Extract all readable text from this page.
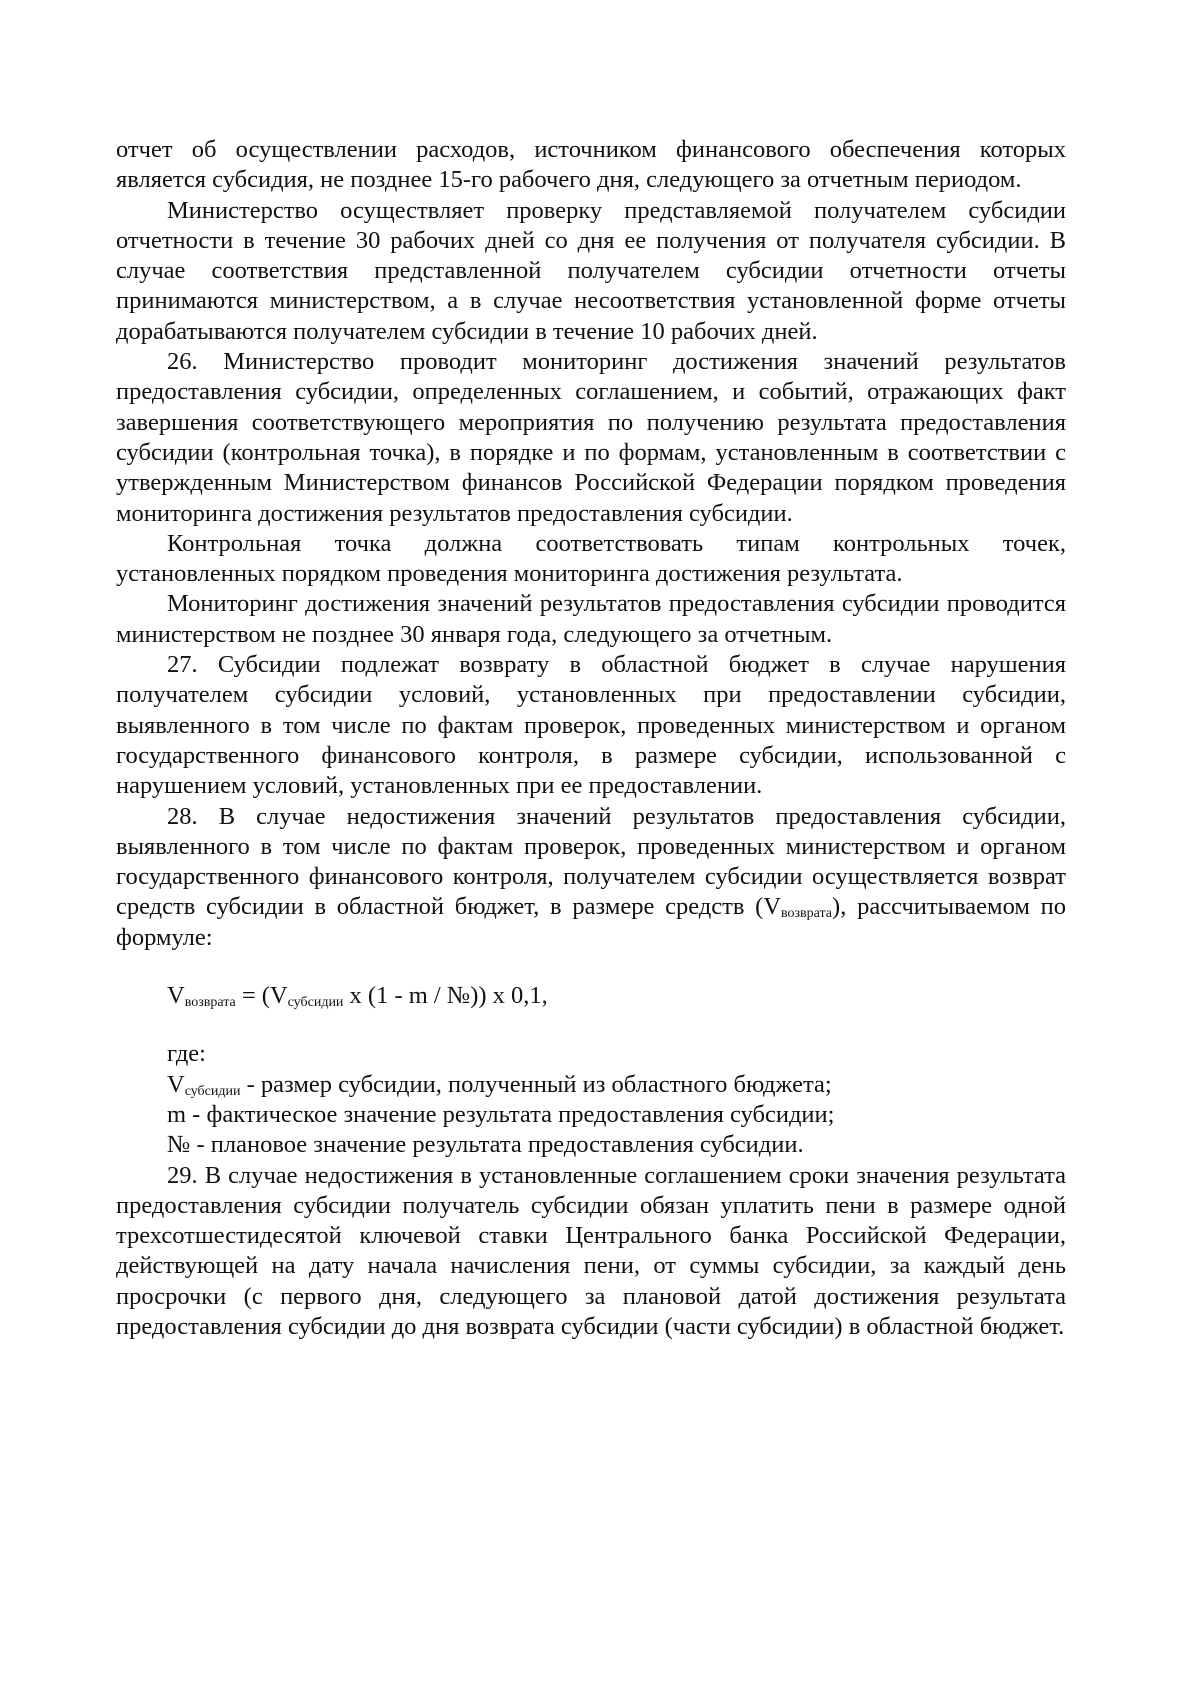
отчет об осуществлении расходов, источником финансового обеспечения которых является субсидия, не позднее 15-го рабочего дня, следующего за отчетным периодом.

Министерство осуществляет проверку представляемой получателем субсидии отчетности в течение 30 рабочих дней со дня ее получения от получателя субсидии. В случае соответствия представленной получателем субсидии отчетности отчеты принимаются министерством, а в случае несоответствия установленной форме отчеты дорабатываются получателем субсидии в течение 10 рабочих дней.

26. Министерство проводит мониторинг достижения значений результатов предоставления субсидии, определенных соглашением, и событий, отражающих факт завершения соответствующего мероприятия по получению результата предоставления субсидии (контрольная точка), в порядке и по формам, установленным в соответствии с утвержденным Министерством финансов Российской Федерации порядком проведения мониторинга достижения результатов предоставления субсидии.

Контрольная точка должна соответствовать типам контрольных точек, установленных порядком проведения мониторинга достижения результата.

Мониторинг достижения значений результатов предоставления субсидии проводится министерством не позднее 30 января года, следующего за отчетным.

27. Субсидии подлежат возврату в областной бюджет в случае нарушения получателем субсидии условий, установленных при предоставлении субсидии, выявленного в том числе по фактам проверок, проведенных министерством и органом государственного финансового контроля, в размере субсидии, использованной с нарушением условий, установленных при ее предоставлении.

28. В случае недостижения значений результатов предоставления субсидии, выявленного в том числе по фактам проверок, проведенных министерством и органом государственного финансового контроля, получателем субсидии осуществляется возврат средств субсидии в областной бюджет, в размере средств $(V_{возврата})$, рассчитываемом по формуле:

$V_{возврата} = (V_{субсидии}$ x (1 - m / №)) x 0,1,

где:

$V_{субсидии}$ - размер субсидии, полученный из областного бюджета;

m - фактическое значение результата предоставления субсидии;

№ - плановое значение результата предоставления субсидии.

29. В случае недостижения в установленные соглашением сроки значения результата предоставления субсидии получатель субсидии обязан уплатить пени в размере одной трехсотшестидесятой ключевой ставки Центрального банка Российской Федерации, действующей на дату начала начисления пени, от суммы субсидии, за каждый день просрочки (с первого дня, следующего за плановой датой достижения результата предоставления субсидии до дня возврата субсидии (части субсидии) в областной бюджет.
